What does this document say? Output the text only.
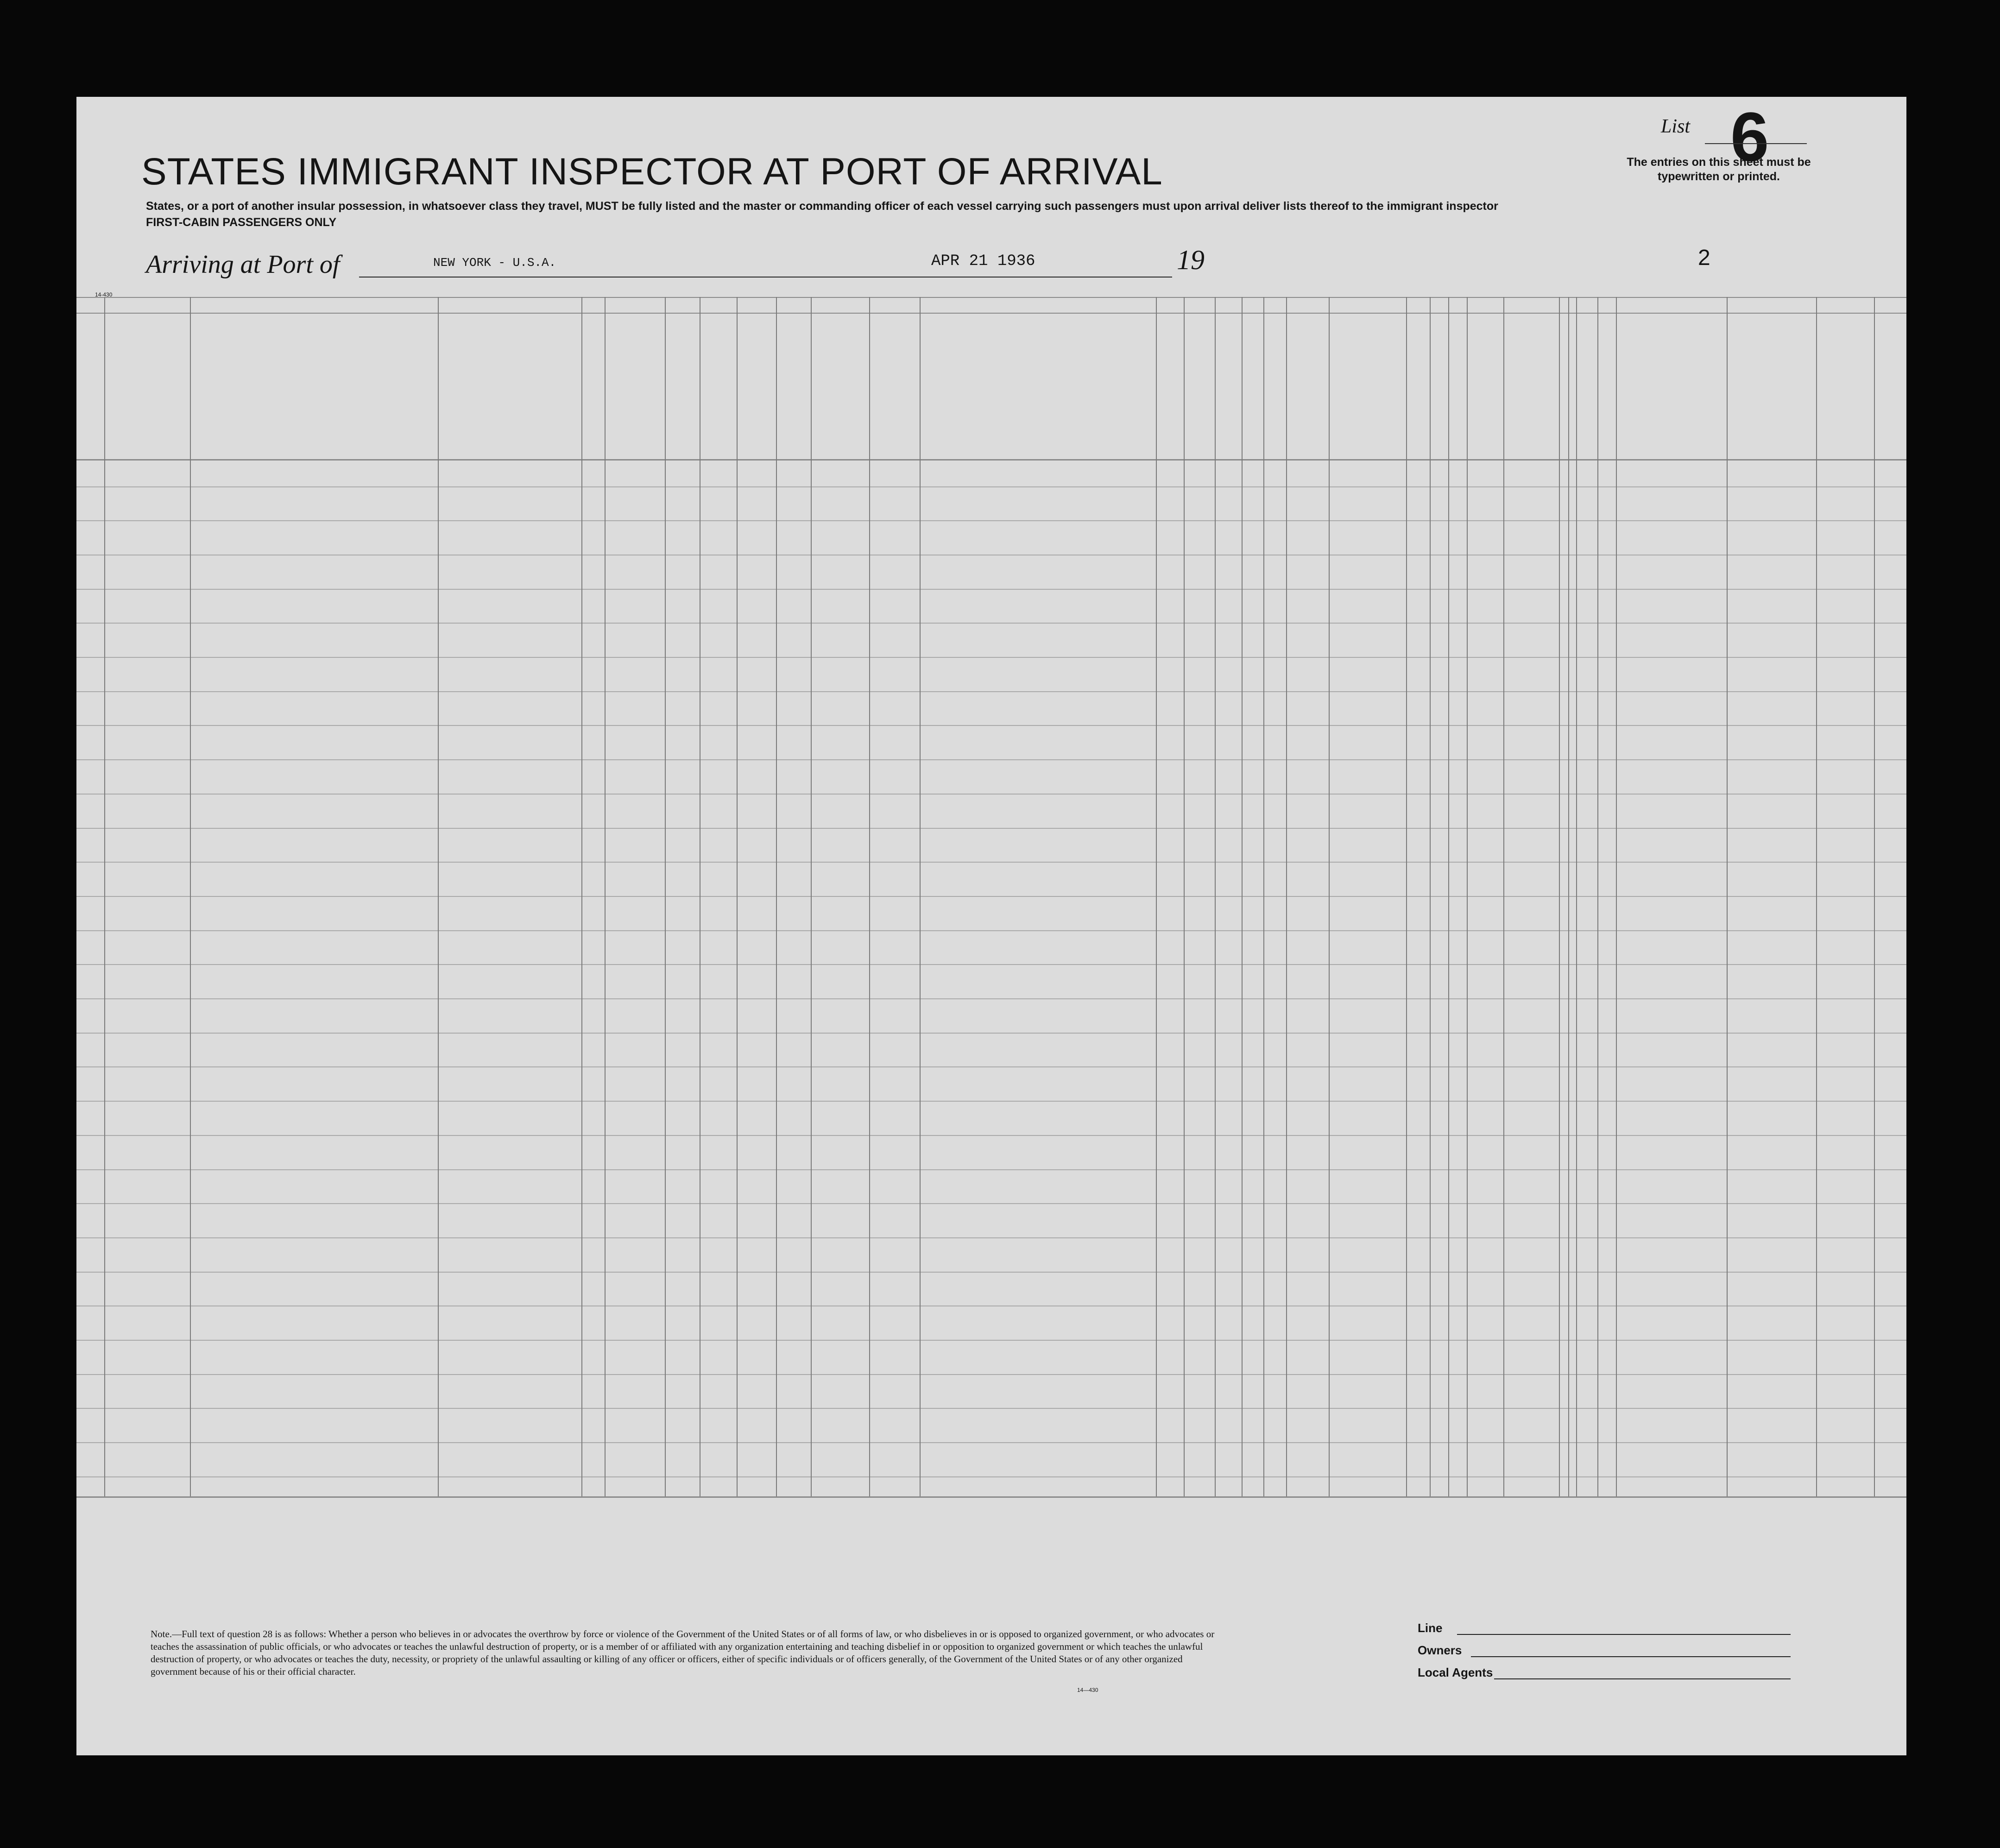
List 6
The entries on this sheet must be typewritten or printed.
STATES IMMIGRANT INSPECTOR AT PORT OF ARRIVAL
States, or a port of another insular possession, in whatsoever class they travel, MUST be fully listed and the master or commanding officer of each vessel carrying such passengers must upon arrival deliver lists thereof to the immigrant inspector
FIRST-CABIN PASSENGERS ONLY
Arriving at Port of	NEW YORK - U.S.A.	APR 21 1936	19	2
14-430
Note.—Full text of question 28 is as follows: Whether a person who believes in or advocates the overthrow by force or violence of the Government of the United States or of all forms of law, or who disbelieves in or is opposed to organized government, or who advocates or teaches the assassination of public officials, or who advocates or teaches the unlawful destruction of property, or is a member of or affiliated with any organization entertaining and teaching disbelief in or opposition to organized government or which teaches the unlawful destruction of property, or who advocates or teaches the duty, necessity, or propriety of the unlawful assaulting or killing of any officer or officers, either of specific individuals or of officers generally, of the Government of the United States or of any other organized government because of his or their official character.
14—430
Line
Owners
Local Agents
